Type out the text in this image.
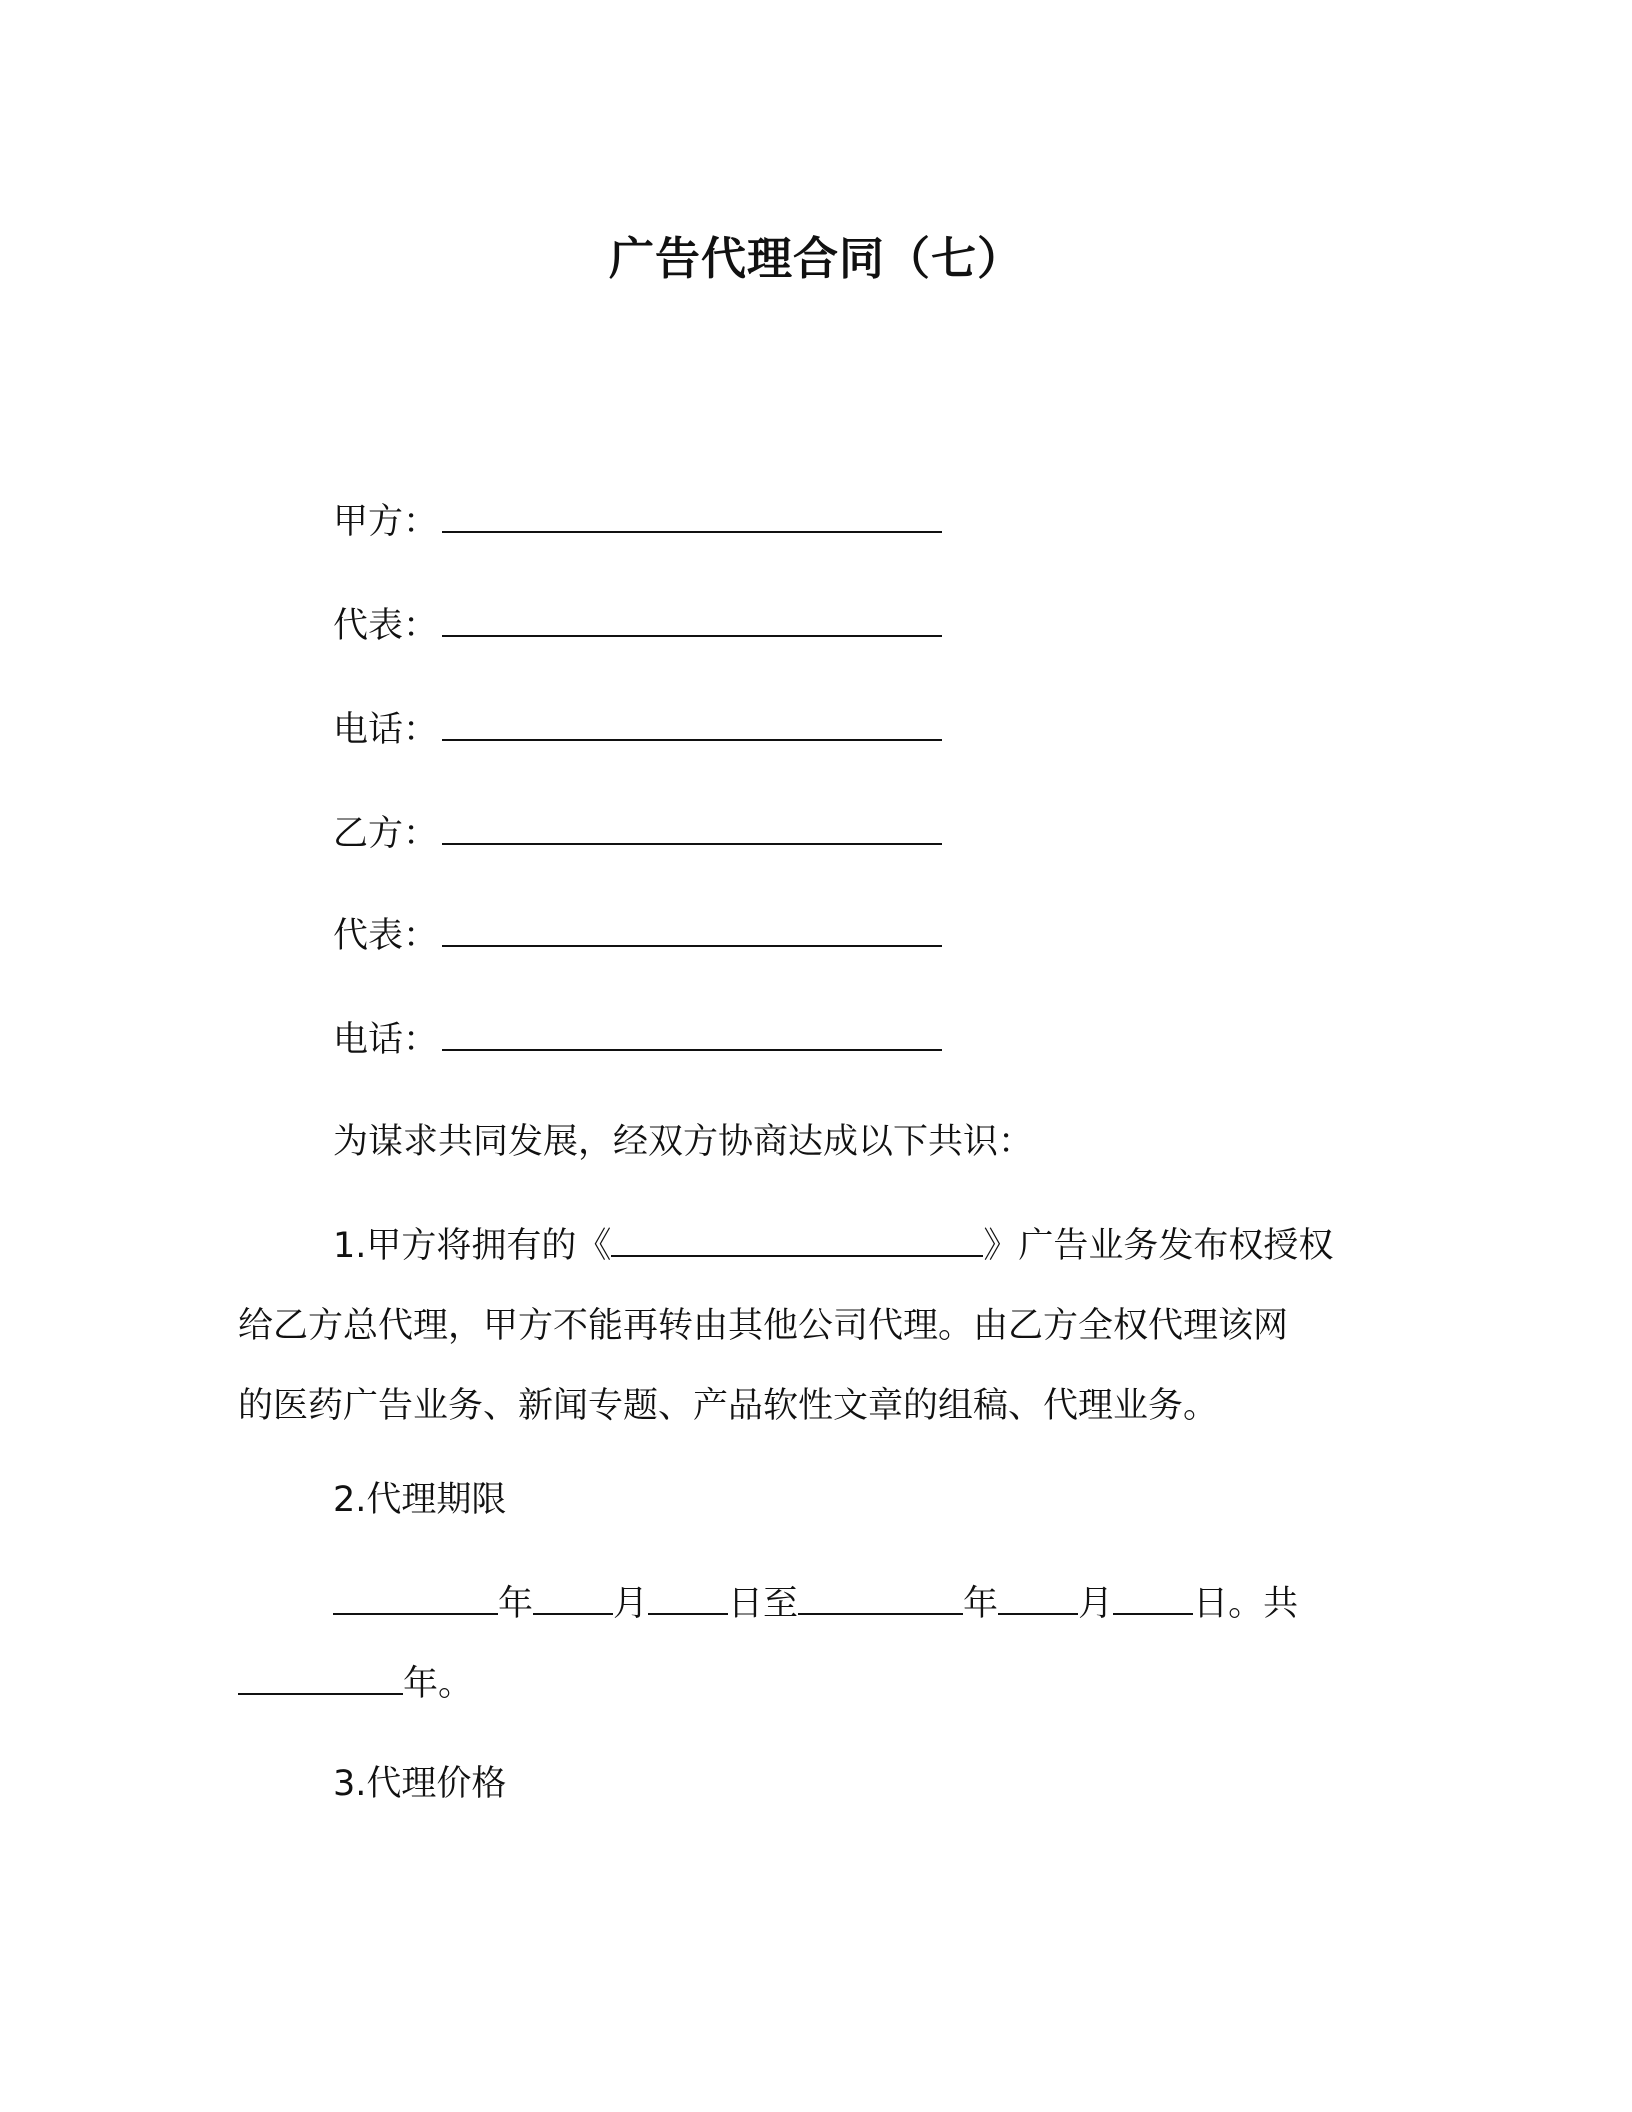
广告代理合同（七）
甲方：
代表：
电话：
乙方：
代表：
电话：
为谋求共同发展，经双方协商达成以下共识：
1.甲方将拥有的《	》广告业务发布权授权
给乙方总代理，甲方不能再转由其他公司代理。由乙方全权代理该网
的医药广告业务、新闻专题、产品软性文章的组稿、代理业务。
2.代理期限
年 月 日至	年 月 日。共
年。
3.代理价格
